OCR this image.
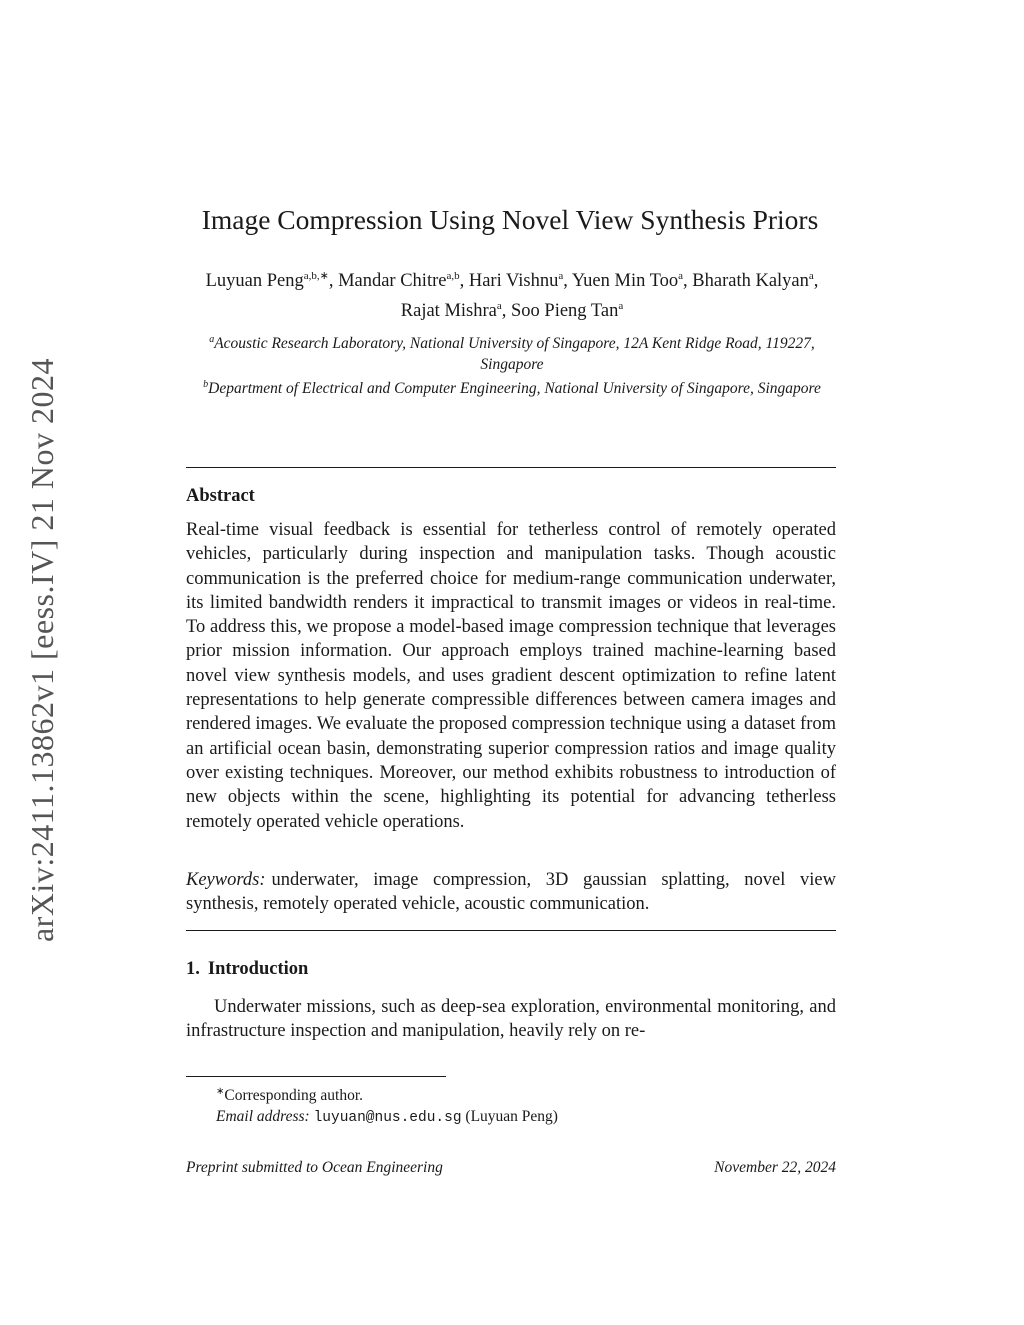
arXiv:2411.13862v1 [eess.IV] 21 Nov 2024
Image Compression Using Novel View Synthesis Priors
Luyuan Peng$^{a,b,∗}$, Mandar Chitre$^{a,b}$, Hari Vishnu$^a$, Yuen Min Too$^a$, Bharath Kalyan$^a$, Rajat Mishra$^a$, Soo Pieng Tan$^a$
$^a$Acoustic Research Laboratory, National University of Singapore, 12A Kent Ridge Road, 119227, Singapore
$^b$Department of Electrical and Computer Engineering, National University of Singapore, Singapore
Abstract
Real-time visual feedback is essential for tetherless control of remotely operated vehicles, particularly during inspection and manipulation tasks. Though acoustic communication is the preferred choice for medium-range communication underwater, its limited bandwidth renders it impractical to transmit images or videos in real-time. To address this, we propose a model-based image compression technique that leverages prior mission information. Our approach employs trained machine-learning based novel view synthesis models, and uses gradient descent optimization to refine latent representations to help generate compressible differences between camera images and rendered images. We evaluate the proposed compression technique using a dataset from an artificial ocean basin, demonstrating superior compression ratios and image quality over existing techniques. Moreover, our method exhibits robustness to introduction of new objects within the scene, highlighting its potential for advancing tetherless remotely operated vehicle operations.
Keywords: underwater, image compression, 3D gaussian splatting, novel view synthesis, remotely operated vehicle, acoustic communication.
1. Introduction
Underwater missions, such as deep-sea exploration, environmental monitoring, and infrastructure inspection and manipulation, heavily rely on re-
∗Corresponding author.
Email address: luyuan@nus.edu.sg (Luyuan Peng)
Preprint submitted to Ocean Engineering	November 22, 2024
